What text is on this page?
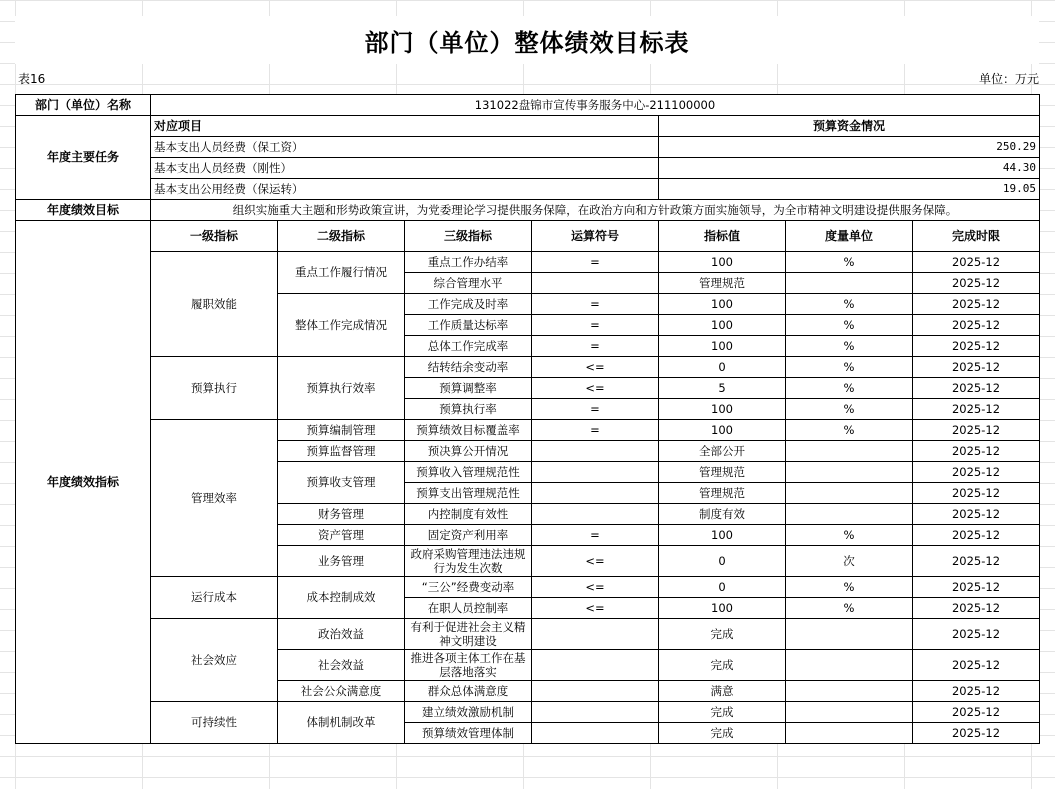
部门（单位）整体绩效目标表
表16	单位：万元
部门（单位）名称	131022盘锦市宣传事务服务中心-211100000						
年度主要任务	对应项目				预算资金情况		
	基本支出人员经费（保工资）				250.29		
	基本支出人员经费（刚性）				44.30		
	基本支出公用经费（保运转）				19.05		
年度绩效目标	组织实施重大主题和形势政策宣讲，为党委理论学习提供服务保障，在政治方向和方针政策方面实施领导，为全市精神文明建设提供服务保障。						
年度绩效指标	一级指标	二级指标	三级指标	运算符号	指标值	度量单位	完成时限
	履职效能	重点工作履行情况	重点工作办结率	=	100	%	2025-12
			综合管理水平		管理规范		2025-12
		整体工作完成情况	工作完成及时率	=	100	%	2025-12
			工作质量达标率	=	100	%	2025-12
			总体工作完成率	=	100	%	2025-12
	预算执行	预算执行效率	结转结余变动率	<=	0	%	2025-12
			预算调整率	<=	5	%	2025-12
			预算执行率	=	100	%	2025-12
	管理效率	预算编制管理	预算绩效目标覆盖率	=	100	%	2025-12
		预算监督管理	预决算公开情况		全部公开		2025-12
		预算收支管理	预算收入管理规范性		管理规范		2025-12
			预算支出管理规范性		管理规范		2025-12
		财务管理	内控制度有效性		制度有效		2025-12
		资产管理	固定资产利用率	=	100	%	2025-12
		业务管理	政府采购管理违法违规行为发生次数	<=	0	次	2025-12
	运行成本	成本控制成效	“三公”经费变动率	<=	0	%	2025-12
			在职人员控制率	<=	100	%	2025-12
	社会效应	政治效益	有利于促进社会主义精神文明建设		完成		2025-12
		社会效益	推进各项主体工作在基层落地落实		完成		2025-12
		社会公众满意度	群众总体满意度		满意		2025-12
	可持续性	体制机制改革	建立绩效激励机制		完成		2025-12
			预算绩效管理体制		完成		2025-12
